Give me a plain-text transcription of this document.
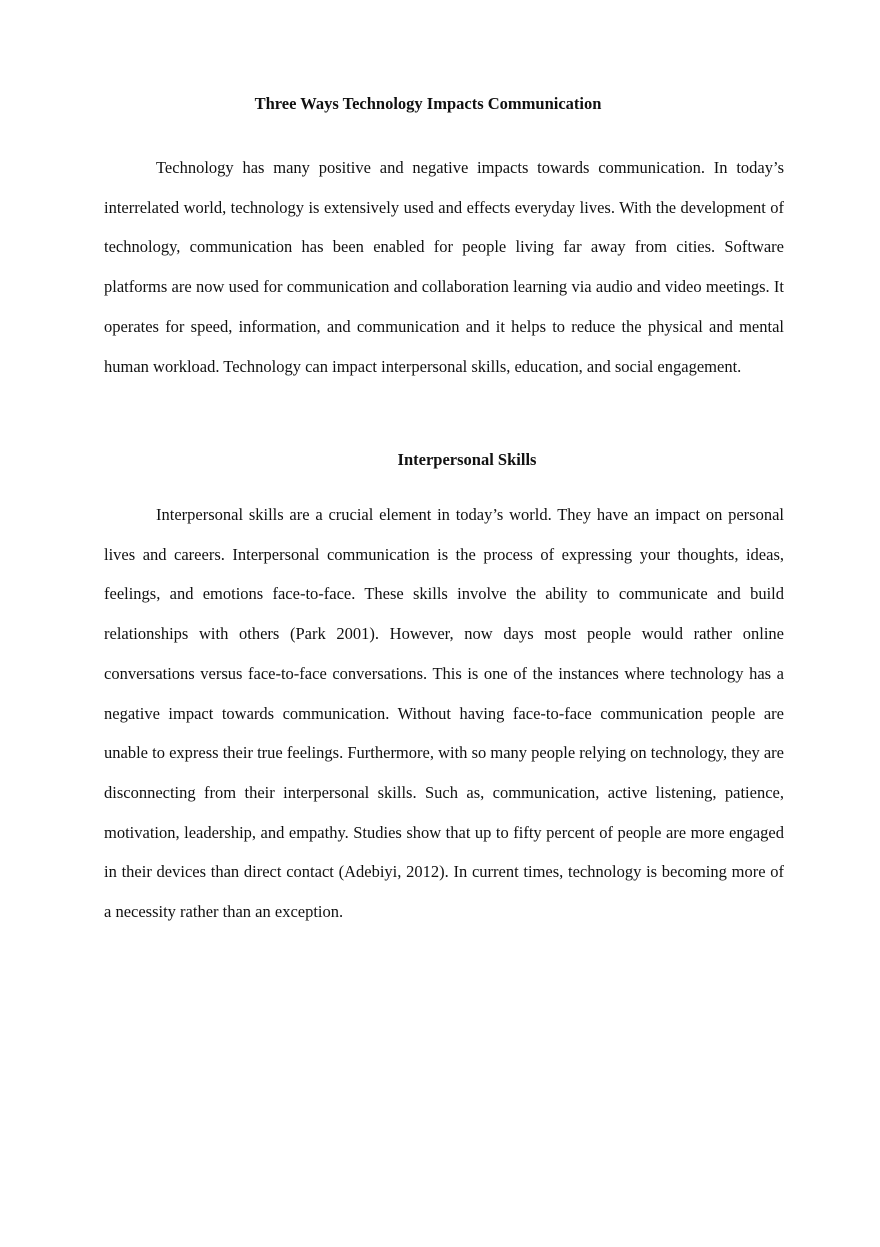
Three Ways Technology Impacts Communication

Technology has many positive and negative impacts towards communication. In today’s interrelated world, technology is extensively used and effects everyday lives. With the development of technology, communication has been enabled for people living far away from cities. Software platforms are now used for communication and collaboration learning via audio and video meetings. It operates for speed, information, and communication and it helps to reduce the physical and mental human workload. Technology can impact interpersonal skills, education, and social engagement.

Interpersonal Skills

Interpersonal skills are a crucial element in today’s world. They have an impact on personal lives and careers. Interpersonal communication is the process of expressing your thoughts, ideas, feelings, and emotions face-to-face. These skills involve the ability to communicate and build relationships with others (Park 2001). However, now days most people would rather online conversations versus face-to-face conversations. This is one of the instances where technology has a negative impact towards communication. Without having face-to-face communication people are unable to express their true feelings. Furthermore, with so many people relying on technology, they are disconnecting from their interpersonal skills. Such as, communication, active listening, patience, motivation, leadership, and empathy. Studies show that up to fifty percent of people are more engaged in their devices than direct contact (Adebiyi, 2012). In current times, technology is becoming more of a necessity rather than an exception.
